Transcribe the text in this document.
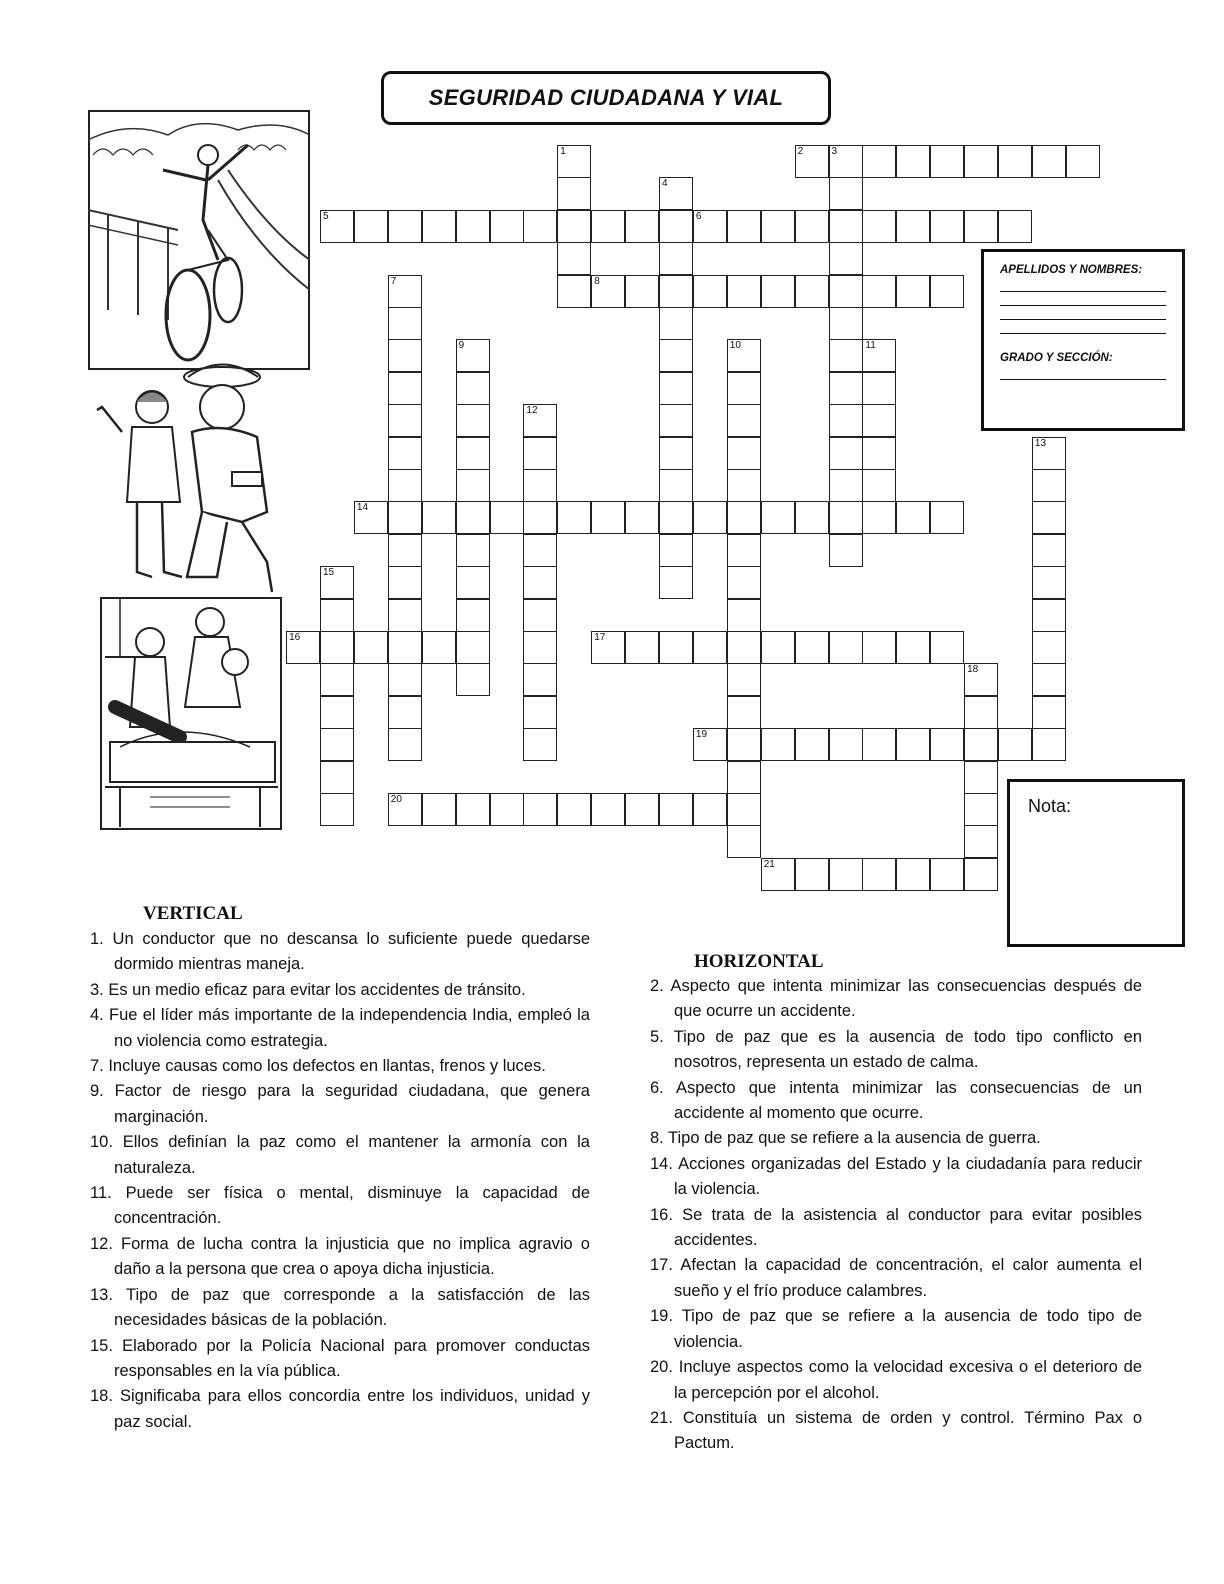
SEGURIDAD CIUDADANA Y VIAL
1	2	3
4
5	6
7	8
9	10	11
12
13
14
15
16	17
18
19
20
21
APELLIDOS Y NOMBRES:
GRADO Y SECCIÓN:
Nota:
VERTICAL

1. Un conductor que no descansa lo suficiente puede quedarse dormido mientras maneja.

3. Es un medio eficaz para evitar los accidentes de tránsito.

4. Fue el líder más importante de la independencia India, empleó la no violencia como estrategia.

7. Incluye causas como los defectos en llantas, frenos y luces.

9. Factor de riesgo para la seguridad ciudadana, que genera marginación.

10. Ellos definían la paz como el mantener la armonía con la naturaleza.

11. Puede ser física o mental, disminuye la capacidad de concentración.

12. Forma de lucha contra la injusticia que no implica agravio o daño a la persona que crea o apoya dicha injusticia.

13. Tipo de paz que corresponde a la satisfacción de las necesidades básicas de la población.

15. Elaborado por la Policía Nacional para promover conductas responsables en la vía pública.

18. Significaba para ellos concordia entre los individuos, unidad y paz social.

HORIZONTAL

2. Aspecto que intenta minimizar las consecuencias después de que ocurre un accidente.

5. Tipo de paz que es la ausencia de todo tipo conflicto en nosotros, representa un estado de calma.

6. Aspecto que intenta minimizar las consecuencias de un accidente al momento que ocurre.

8. Tipo de paz que se refiere a la ausencia de guerra.

14. Acciones organizadas del Estado y la ciudadanía para reducir la violencia.

16. Se trata de la asistencia al conductor para evitar posibles accidentes.

17. Afectan la capacidad de concentración, el calor aumenta el sueño y el frío produce calambres.

19. Tipo de paz que se refiere a la ausencia de todo tipo de violencia.

20. Incluye aspectos como la velocidad excesiva o el deterioro de la percepción por el alcohol.

21. Constituía un sistema de orden y control. Término Pax o Pactum.
